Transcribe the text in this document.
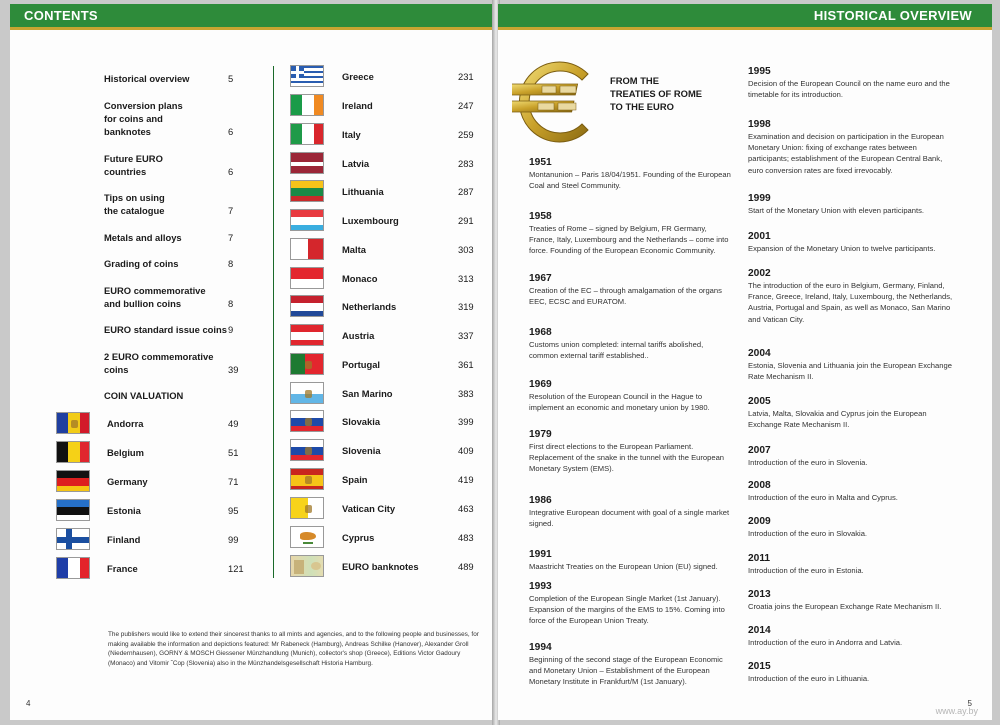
CONTENTS
Historical overview	5
Conversion plans
for coins and
banknotes	6
Future EURO
countries	6
Tips on using
the catalogue	7
Metals and alloys	7
Grading of coins	8
EURO commemorative
and bullion coins	8
EURO standard issue coins 9
2 EURO commemorative
coins	39
COIN VALUATION
Andorra	49
Belgium	51
Germany	71
Estonia	95
Finland	99
France	121
Greece	231
Ireland	247
Italy	259
Latvia	283
Lithuania	287
Luxembourg	291
Malta	303
Monaco	313
Netherlands	319
Austria	337
Portugal	361
San Marino	383
Slovakia	399
Slovenia	409
Spain	419
Vatican City	463
Cyprus	483
EURO banknotes	489
The publishers would like to extend their sincerest thanks to all mints and agencies, and to the following people and businesses, for making available the information and depictions featured: Mr Rabeneck (Hamburg), Andreas Schilke (Hanover), Alexander Groll (Niedernhausen), GORNY & MOSCH Giessener Münzhandlung (Munich), collector's shop (Greece), Editions Victor Gadoury (Monaco) and Vitomir ˇCop (Slovenia) also in the Münzhandelsgesellschaft Historia Hamburg.
4
HISTORICAL OVERVIEW
FROM THE
TREATIES OF ROME
TO THE EURO
1951
Montanunion – Paris 18/04/1951. Founding of the European Coal and Steel Community.
1958
Treaties of Rome – signed by Belgium, FR Germany, France, Italy, Luxembourg and the Netherlands – come into force. Founding of the European Economic Community.
1967
Creation of the EC – through amalgamation of the organs EEC, ECSC and EURATOM.
1968
Customs union completed: internal tariffs abolished, common external tariff established..
1969
Resolution of the European Council in the Hague to implement an economic and monetary union by 1980.
1979
First direct elections to the European Parliament. Replacement of the snake in the tunnel with the European Monetary System (EMS).
1986
Integrative European document with goal of a single market signed.
1991
Maastricht Treaties on the European Union (EU) signed.
1993
Completion of the European Single Market (1st January). Expansion of the margins of the EMS to 15%. Coming into force of the European Union Treaty.
1994
Beginning of the second stage of the European Economic and Monetary Union – Establishment of the European Monetary Institute in Frankfurt/M (1st January).
1995
Decision of the European Council on the name euro and the timetable for its introduction.
1998
Examination and decision on participation in the European Monetary Union: fixing of exchange rates between participants; establishment of the European Central Bank, euro conversion rates are fixed irrevocably.
1999
Start of the Monetary Union with eleven participants.
2001
Expansion of the Monetary Union to twelve participants.
2002
The introduction of the euro in Belgium, Germany, Finland, France, Greece, Ireland, Italy, Luxembourg, the Netherlands, Austria, Portugal and Spain, as well as Monaco, San Marino and Vatican City.
2004
Estonia, Slovenia and Lithuania join the European Exchange Rate Mechanism II.
2005
Latvia, Malta, Slovakia and Cyprus join the European Exchange Rate Mechanism II.
2007
Introduction of the euro in Slovenia.
2008
Introduction of the euro in Malta and Cyprus.
2009
Introduction of the euro in Slovakia.
2011
Introduction of the euro in Estonia.
2013
Croatia joins the European Exchange Rate Mechanism II.
2014
Introduction of the euro in Andorra and Latvia.
2015
Introduction of the euro in Lithuania.
5
www.ay.by
